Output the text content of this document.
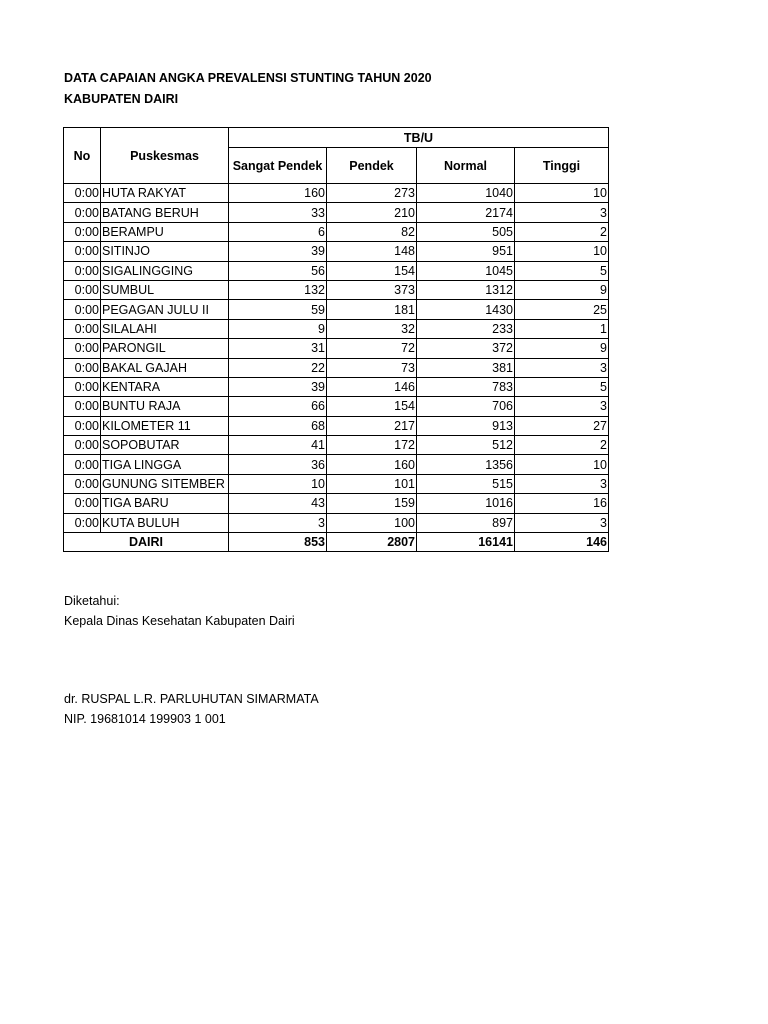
DATA CAPAIAN ANGKA PREVALENSI STUNTING TAHUN 2020
KABUPATEN DAIRI
No	Puskesmas	TB/U			
		Sangat Pendek	Pendek	Normal	Tinggi
0:00	HUTA RAKYAT	160	273	1040	10
0:00	BATANG BERUH	33	210	2174	3
0:00	BERAMPU	6	82	505	2
0:00	SITINJO	39	148	951	10
0:00	SIGALINGGING	56	154	1045	5
0:00	SUMBUL	132	373	1312	9
0:00	PEGAGAN JULU II	59	181	1430	25
0:00	SILALAHI	9	32	233	1
0:00	PARONGIL	31	72	372	9
0:00	BAKAL GAJAH	22	73	381	3
0:00	KENTARA	39	146	783	5
0:00	BUNTU RAJA	66	154	706	3
0:00	KILOMETER 11	68	217	913	27
0:00	SOPOBUTAR	41	172	512	2
0:00	TIGA LINGGA	36	160	1356	10
0:00	GUNUNG SITEMBER	10	101	515	3
0:00	TIGA BARU	43	159	1016	16
0:00	KUTA BULUH	3	100	897	3
DAIRI		853	2807	16141	146
Diketahui:
Kepala Dinas Kesehatan Kabupaten Dairi
dr. RUSPAL L.R. PARLUHUTAN SIMARMATA
NIP. 19681014 199903 1 001
